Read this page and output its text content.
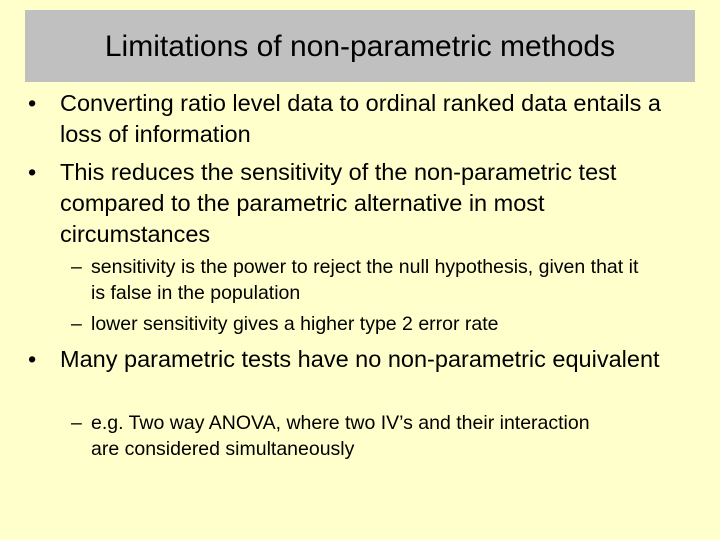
Limitations of non-parametric methods
• Converting ratio level data to ordinal ranked data entails a loss of information
• This reduces the sensitivity of the non-parametric test compared to the parametric alternative in most circumstances
– sensitivity is the power to reject the null hypothesis, given that it is false in the population
– lower sensitivity gives a higher type 2 error rate
• Many parametric tests have no non-parametric equivalent
– e.g. Two way ANOVA, where two IV’s and their interaction are considered simultaneously
